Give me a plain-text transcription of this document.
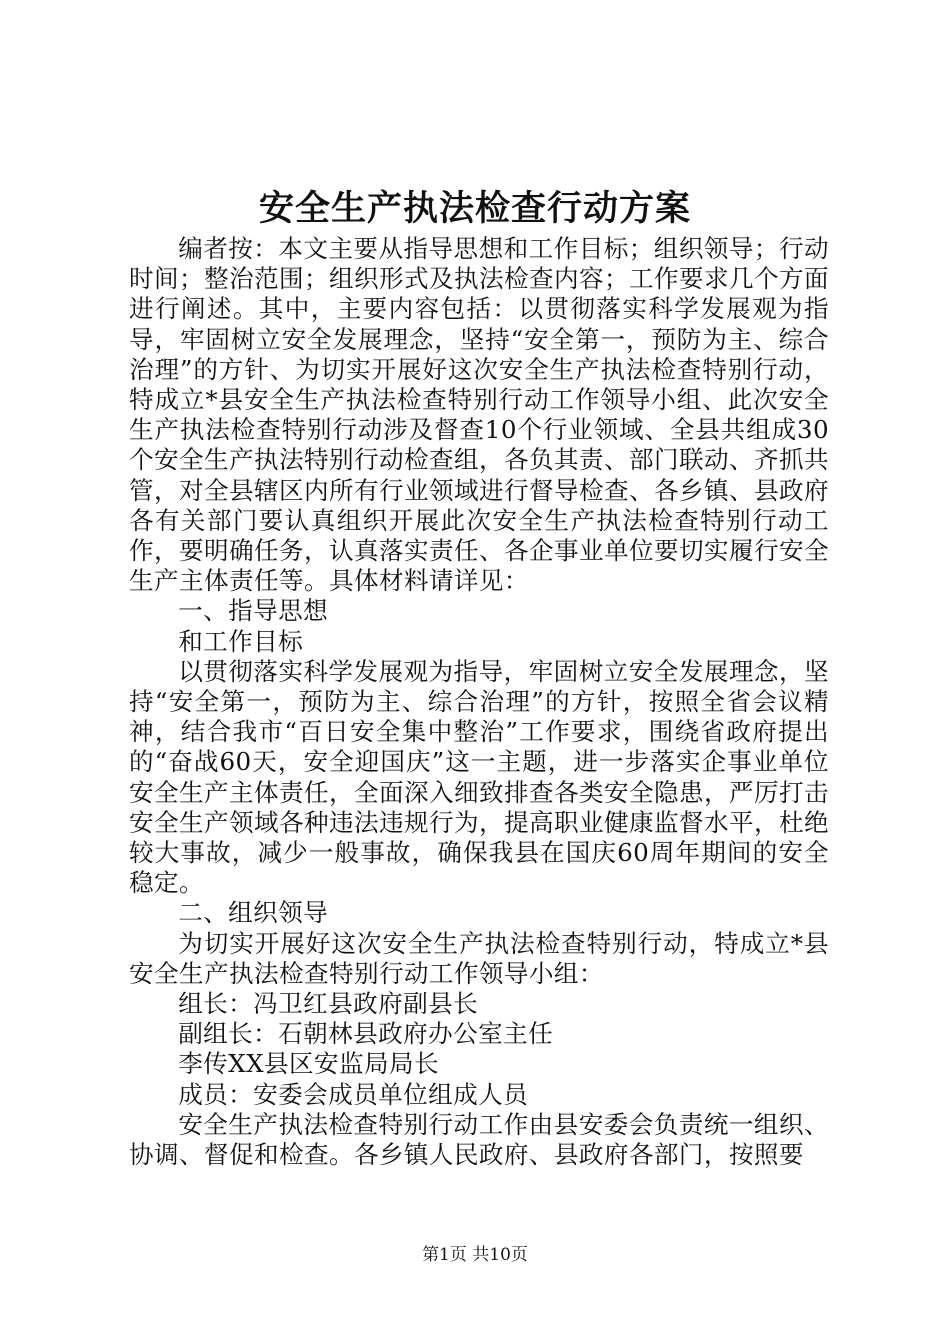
安全生产执法检查行动方案

编者按：本文主要从指导思想和工作目标；组织领导；行动时间；整治范围；组织形式及执法检查内容；工作要求几个方面进行阐述。其中，主要内容包括：以贯彻落实科学发展观为指导，牢固树立安全发展理念，坚持“安全第一，预防为主、综合治理”的方针、为切实开展好这次安全生产执法检查特别行动，特成立*县安全生产执法检查特别行动工作领导小组、此次安全生产执法检查特别行动涉及督查10个行业领域、全县共组成30个安全生产执法特别行动检查组，各负其责、部门联动、齐抓共管，对全县辖区内所有行业领域进行督导检查、各乡镇、县政府各有关部门要认真组织开展此次安全生产执法检查特别行动工作，要明确任务，认真落实责任、各企事业单位要切实履行安全生产主体责任等。具体材料请详见：

一、指导思想

和工作目标

以贯彻落实科学发展观为指导，牢固树立安全发展理念，坚持“安全第一，预防为主、综合治理”的方针，按照全省会议精神，结合我市“百日安全集中整治”工作要求，围绕省政府提出的“奋战60天，安全迎国庆”这一主题，进一步落实企事业单位安全生产主体责任，全面深入细致排查各类安全隐患，严厉打击安全生产领域各种违法违规行为，提高职业健康监督水平，杜绝较大事故，减少一般事故，确保我县在国庆60周年期间的安全稳定。

二、组织领导

为切实开展好这次安全生产执法检查特别行动，特成立*县安全生产执法检查特别行动工作领导小组：

组长：冯卫红县政府副县长

副组长：石朝林县政府办公室主任

李传XX县区安监局局长

成员：安委会成员单位组成人员

安全生产执法检查特别行动工作由县安委会负责统一组织、协调、督促和检查。各乡镇人民政府、县政府各部门，按照要

第1页 共10页
